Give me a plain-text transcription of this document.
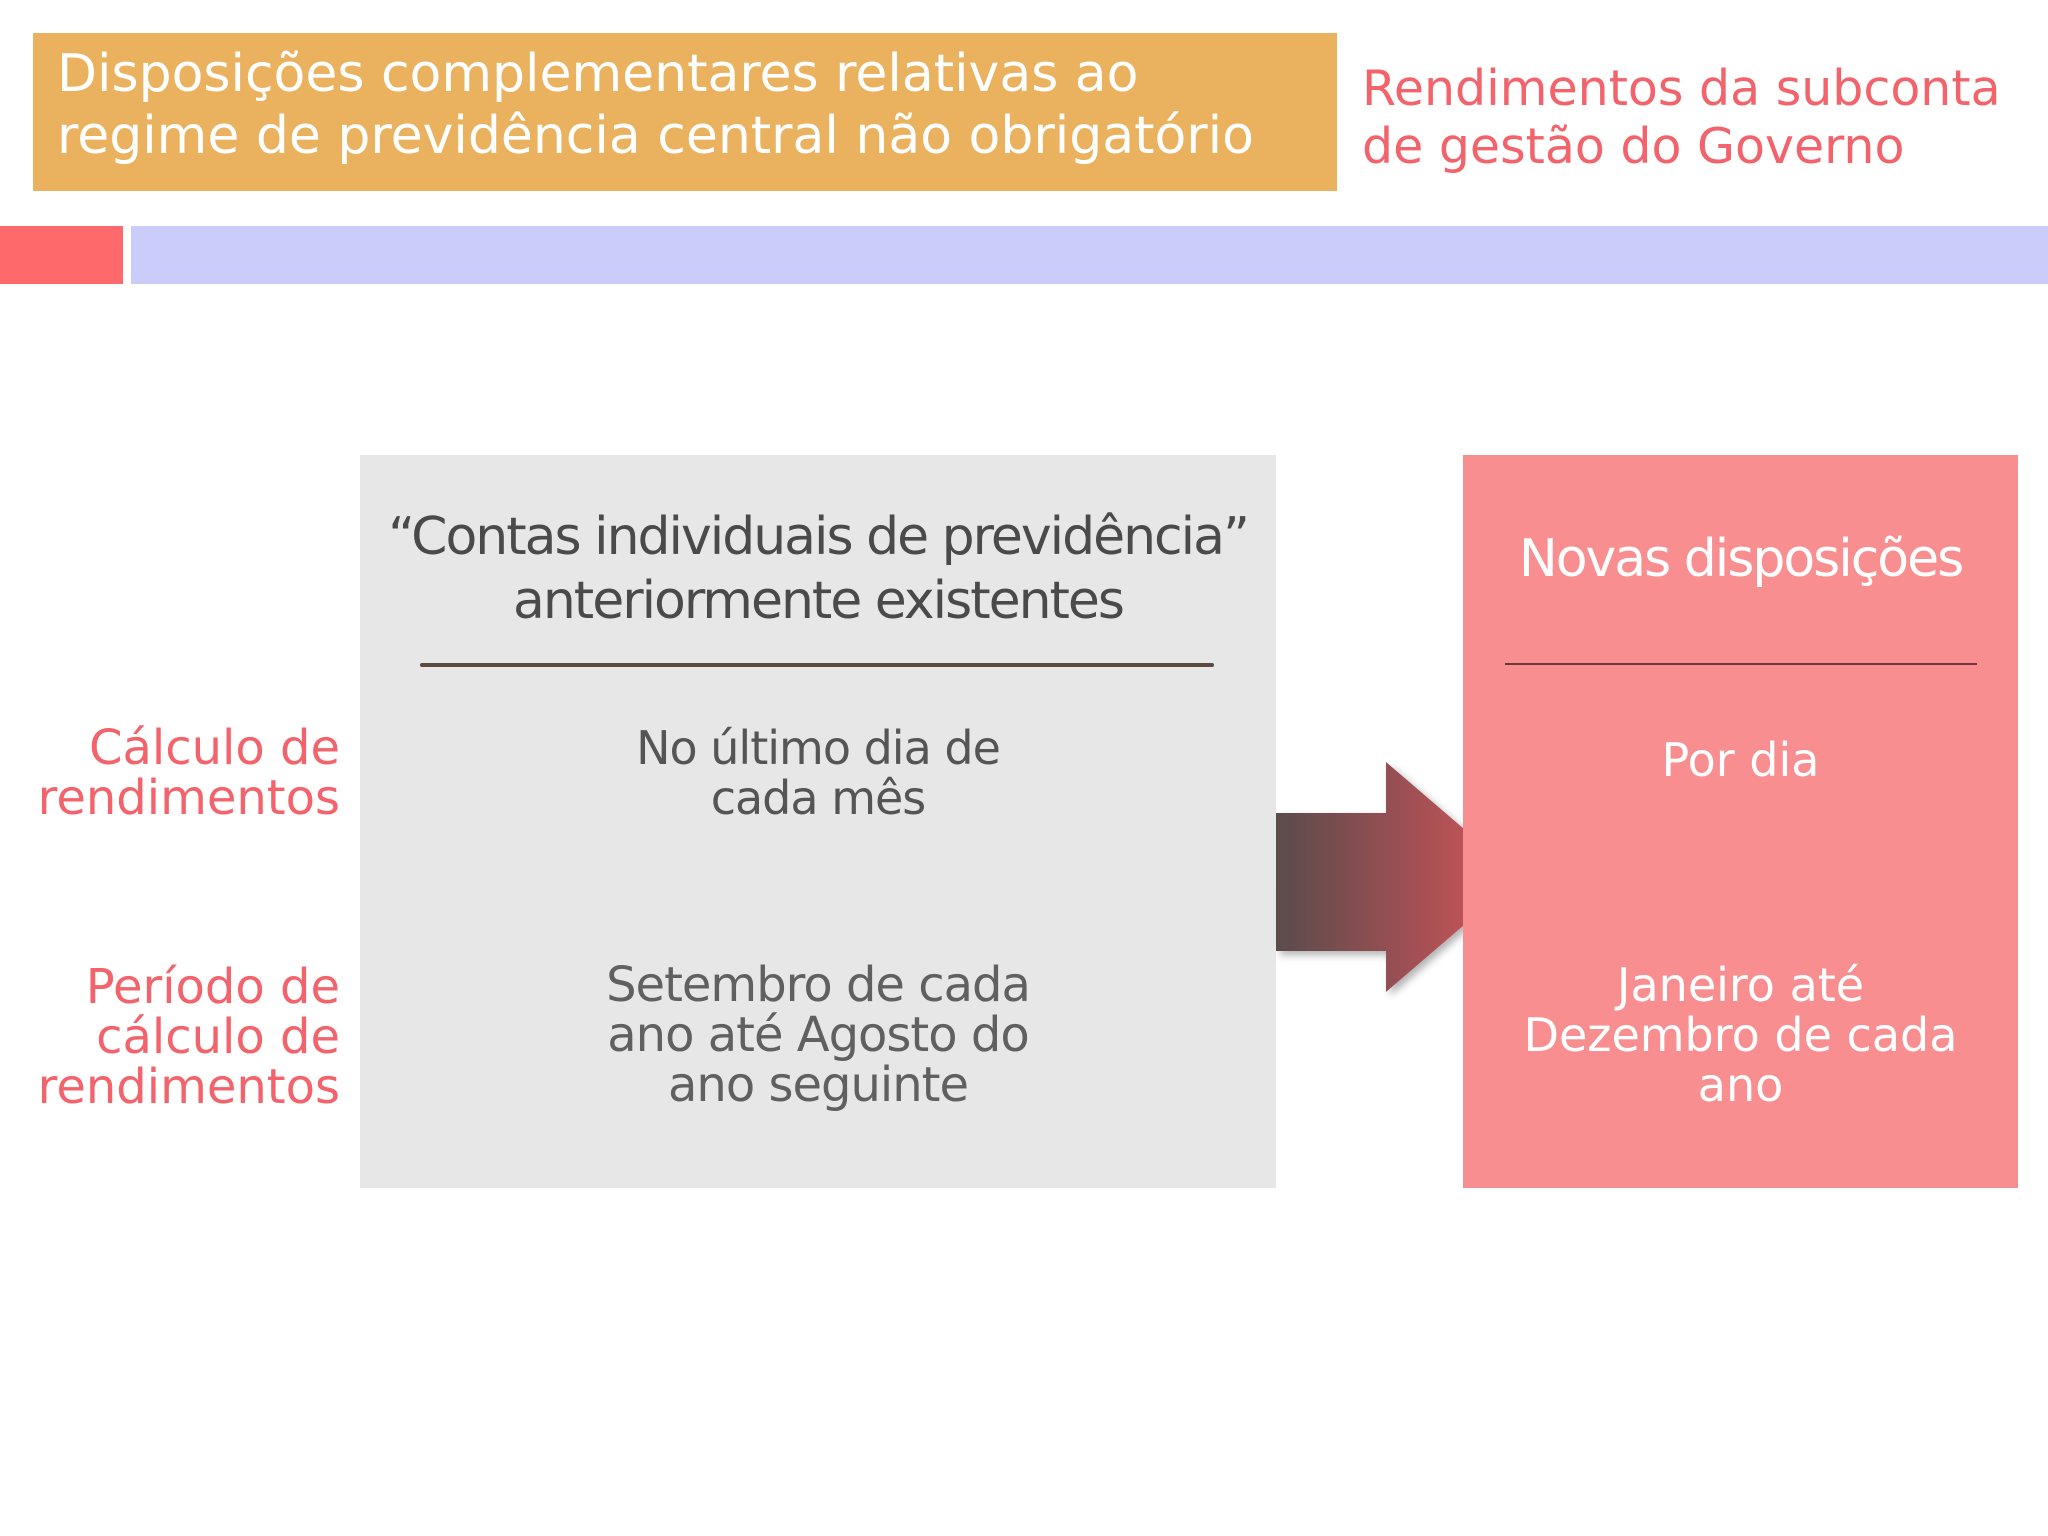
Disposições complementares relativas ao
regime de previdência central não obrigatório
Rendimentos da subconta
de gestão do Governo
Cálculo de
rendimentos
Período de
cálculo de
rendimentos
“Contas individuais de previdência”
anteriormente existentes
No último dia de
cada mês
Setembro de cada
ano até Agosto do
ano seguinte
Novas disposições
Por dia
Janeiro até
Dezembro de cada
ano
